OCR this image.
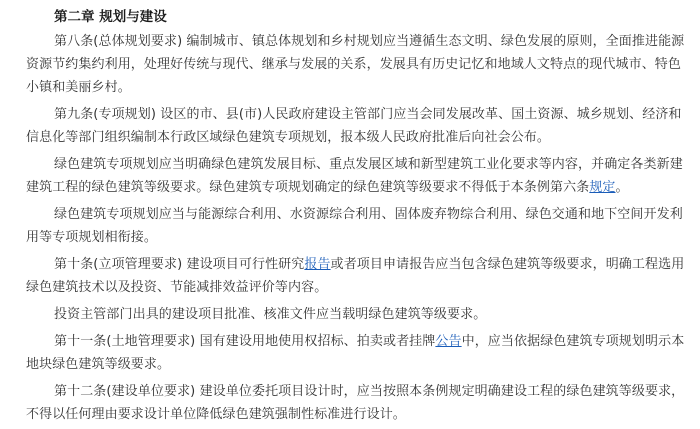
第二章 规划与建设

第八条(总体规划要求) 编制城市、镇总体规划和乡村规划应当遵循生态文明、绿色发展的原则，全面推进能源资源节约集约利用，处理好传统与现代、继承与发展的关系，发展具有历史记忆和地域人文特点的现代城市、特色小镇和美丽乡村。

第九条(专项规划) 设区的市、县(市)人民政府建设主管部门应当会同发展改革、国土资源、城乡规划、经济和信息化等部门组织编制本行政区域绿色建筑专项规划，报本级人民政府批准后向社会公布。

绿色建筑专项规划应当明确绿色建筑发展目标、重点发展区域和新型建筑工业化要求等内容，并确定各类新建建筑工程的绿色建筑等级要求。绿色建筑专项规划确定的绿色建筑等级要求不得低于本条例第六条规定。

绿色建筑专项规划应当与能源综合利用、水资源综合利用、固体废弃物综合利用、绿色交通和地下空间开发利用等专项规划相衔接。

第十条(立项管理要求) 建设项目可行性研究报告或者项目申请报告应当包含绿色建筑等级要求，明确工程选用绿色建筑技术以及投资、节能减排效益评价等内容。

投资主管部门出具的建设项目批准、核准文件应当载明绿色建筑等级要求。

第十一条(土地管理要求) 国有建设用地使用权招标、拍卖或者挂牌公告中，应当依据绿色建筑专项规划明示本地块绿色建筑等级要求。

第十二条(建设单位要求) 建设单位委托项目设计时，应当按照本条例规定明确建设工程的绿色建筑等级要求，不得以任何理由要求设计单位降低绿色建筑强制性标准进行设计。
